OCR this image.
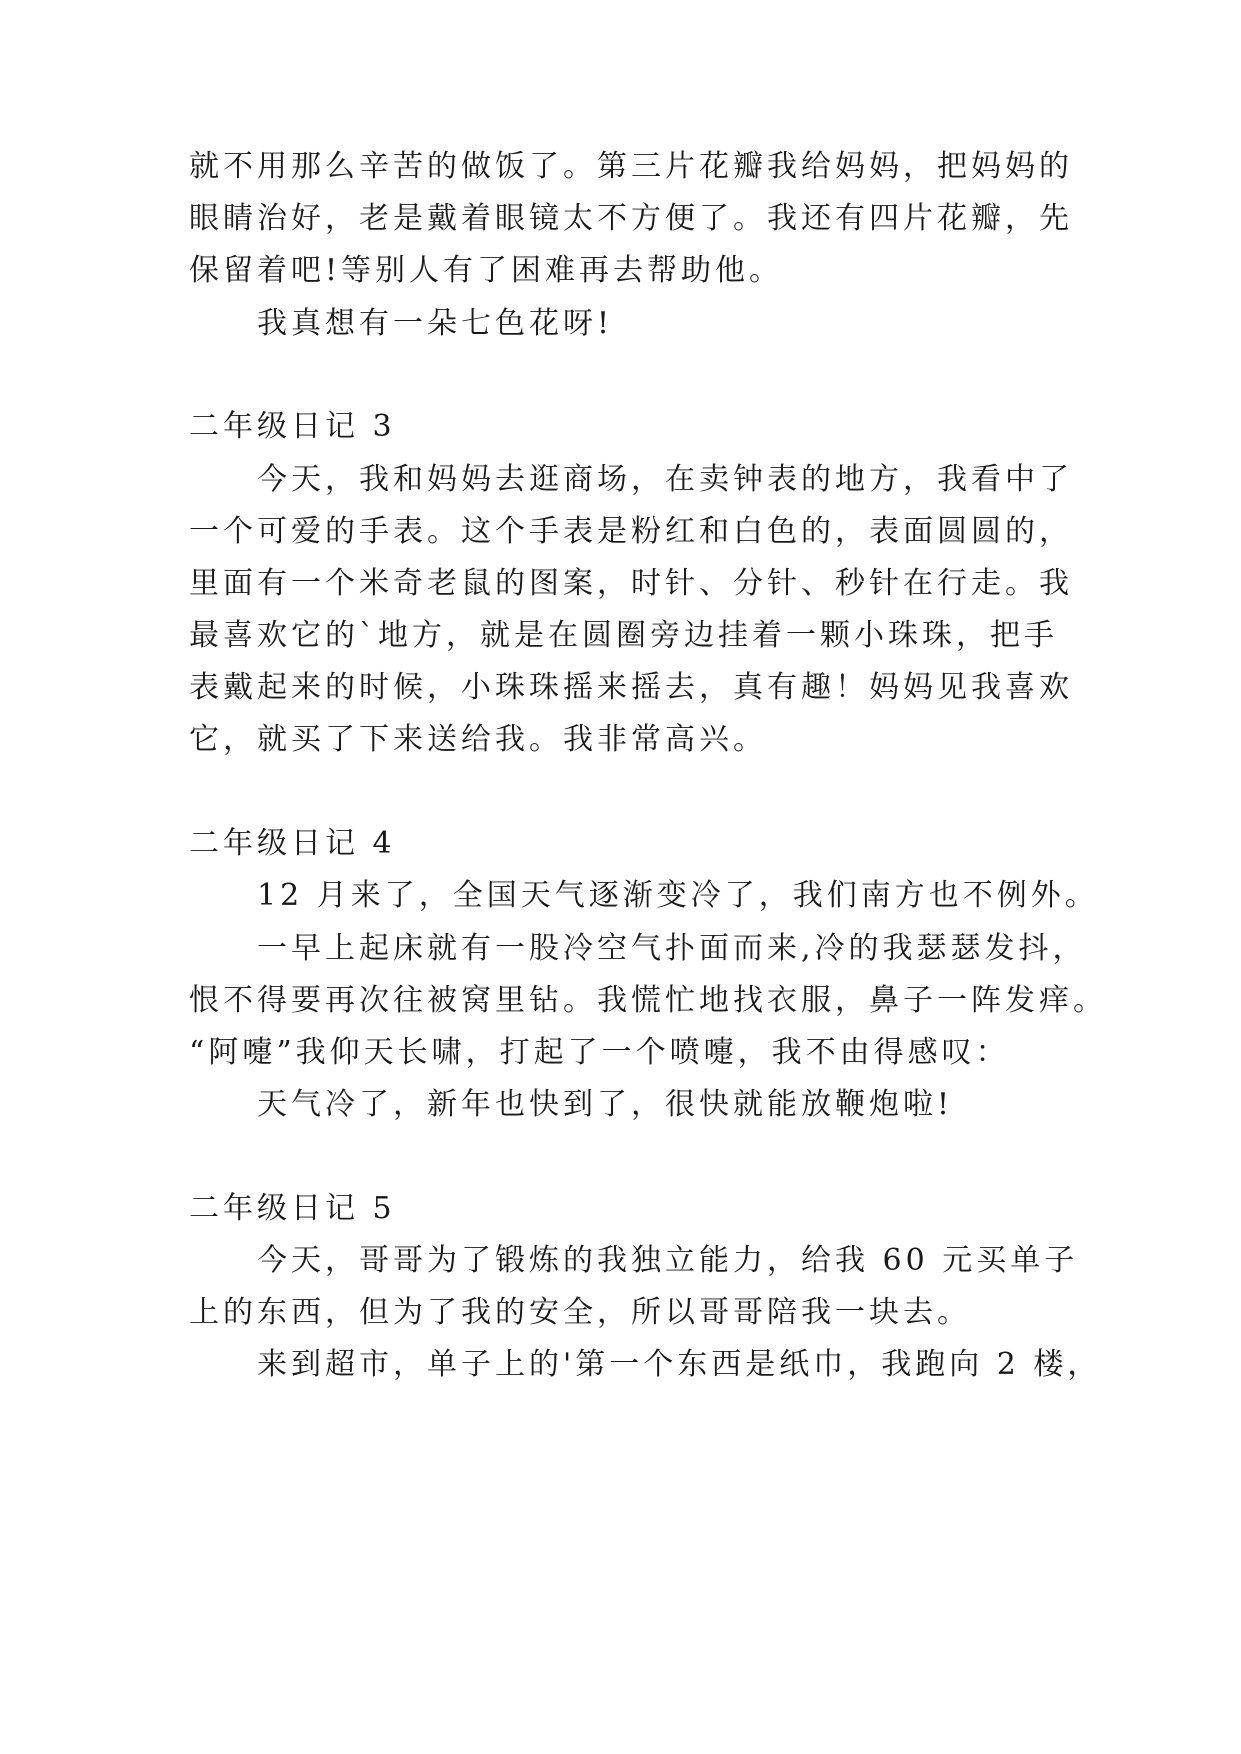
就不用那么辛苦的做饭了。第三片花瓣我给妈妈，把妈妈的
眼睛治好，老是戴着眼镜太不方便了。我还有四片花瓣，先
保留着吧!等别人有了困难再去帮助他。
我真想有一朵七色花呀!
二年级日记 3
今天，我和妈妈去逛商场，在卖钟表的地方，我看中了
一个可爱的手表。这个手表是粉红和白色的，表面圆圆的，
里面有一个米奇老鼠的图案，时针、分针、秒针在行走。我
最喜欢它的`地方，就是在圆圈旁边挂着一颗小珠珠，把手
表戴起来的时候，小珠珠摇来摇去，真有趣！妈妈见我喜欢
它，就买了下来送给我。我非常高兴。
二年级日记 4
12 月来了，全国天气逐渐变冷了，我们南方也不例外。
一早上起床就有一股冷空气扑面而来,冷的我瑟瑟发抖，
恨不得要再次往被窝里钻。我慌忙地找衣服，鼻子一阵发痒。
“阿嚏”我仰天长啸，打起了一个喷嚏，我不由得感叹：
天气冷了，新年也快到了，很快就能放鞭炮啦!
二年级日记 5
今天，哥哥为了锻炼的我独立能力，给我 60 元买单子
上的东西，但为了我的安全，所以哥哥陪我一块去。
来到超市，单子上的'第一个东西是纸巾，我跑向 2 楼，
